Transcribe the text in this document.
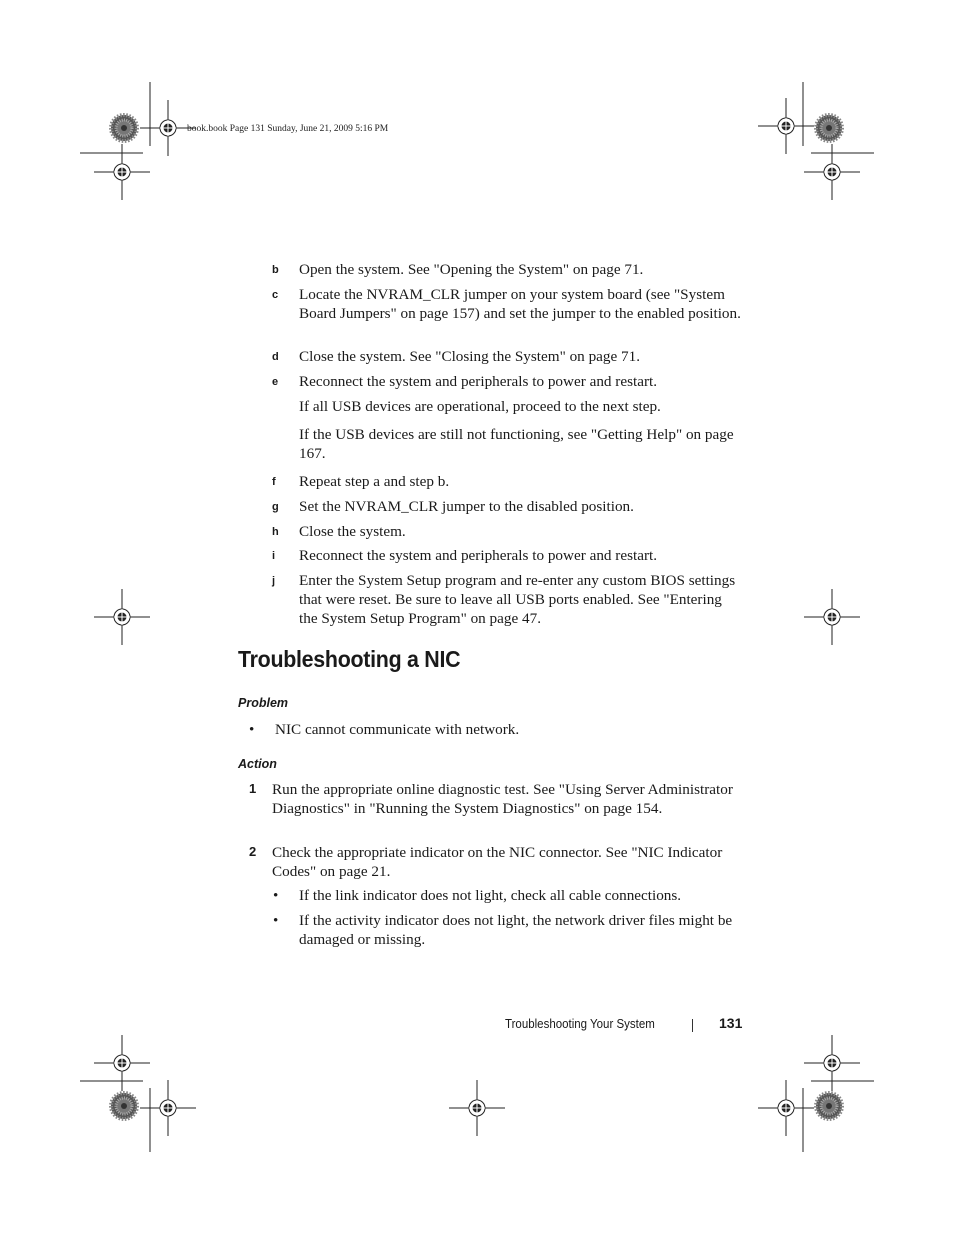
book.book Page 131 Sunday, June 21, 2009 5:16 PM
b Open the system. See "Opening the System" on page 71.
c Locate the NVRAM_CLR jumper on your system board (see "System Board Jumpers" on page 157) and set the jumper to the enabled position.
d Close the system. See "Closing the System" on page 71.
e Reconnect the system and peripherals to power and restart.
If all USB devices are operational, proceed to the next step.
If the USB devices are still not functioning, see "Getting Help" on page 167.
f Repeat step a and step b.
g Set the NVRAM_CLR jumper to the disabled position.
h Close the system.
i Reconnect the system and peripherals to power and restart.
j Enter the System Setup program and re-enter any custom BIOS settings that were reset. Be sure to leave all USB ports enabled. See "Entering the System Setup Program" on page 47.
Troubleshooting a NIC
Problem
• NIC cannot communicate with network.
Action
1 Run the appropriate online diagnostic test. See "Using Server Administrator Diagnostics" in "Running the System Diagnostics" on page 154.
2 Check the appropriate indicator on the NIC connector. See "NIC Indicator Codes" on page 21.
• If the link indicator does not light, check all cable connections.
• If the activity indicator does not light, the network driver files might be damaged or missing.
Troubleshooting Your System	131
